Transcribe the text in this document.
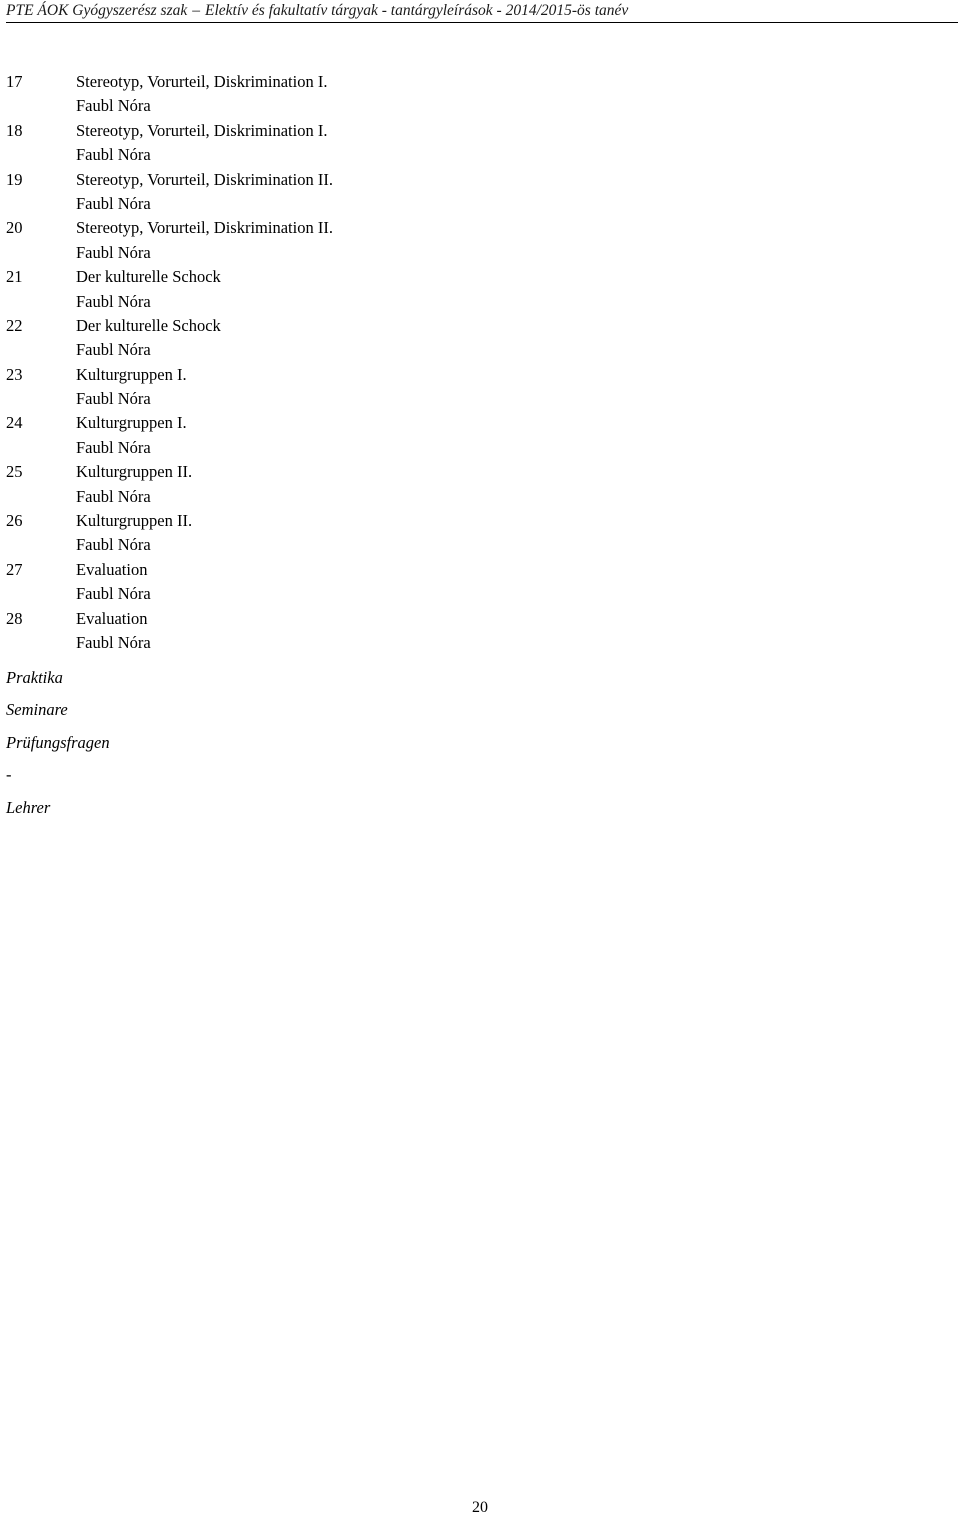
PTE ÁOK Gyógyszerész szak – Elektív és fakultatív tárgyak - tantárgyleírások - 2014/2015-ös tanév
17	Stereotyp, Vorurteil, Diskrimination I.
Faubl Nóra
18	Stereotyp, Vorurteil, Diskrimination I.
Faubl Nóra
19	Stereotyp, Vorurteil, Diskrimination II.
Faubl Nóra
20	Stereotyp, Vorurteil, Diskrimination II.
Faubl Nóra
21	Der kulturelle Schock
Faubl Nóra
22	Der kulturelle Schock
Faubl Nóra
23	Kulturgruppen I.
Faubl Nóra
24	Kulturgruppen I.
Faubl Nóra
25	Kulturgruppen II.
Faubl Nóra
26	Kulturgruppen II.
Faubl Nóra
27	Evaluation
Faubl Nóra
28	Evaluation
Faubl Nóra
Praktika
Seminare
Prüfungsfragen
-
Lehrer
20
